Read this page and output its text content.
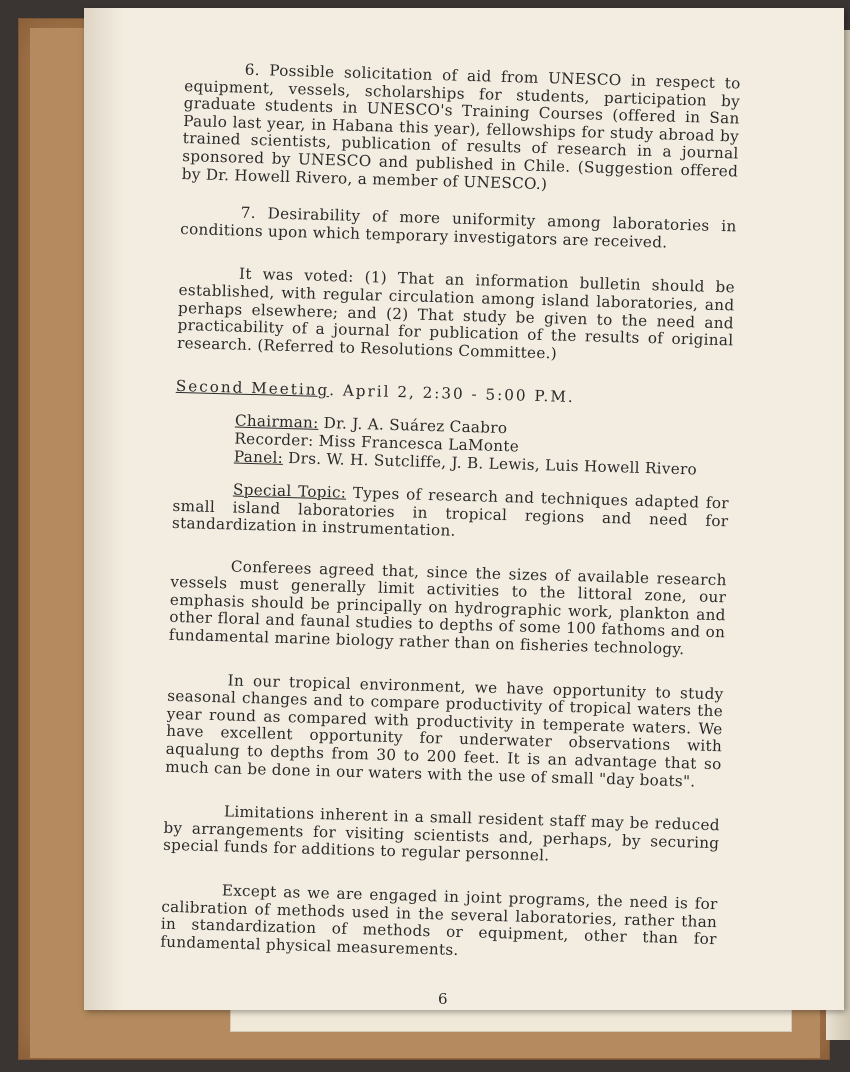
6. Possible solicitation of aid from UNESCO in respect to equipment, vessels, scholarships for students, participation by graduate students in UNESCO's Training Courses (offered in San Paulo last year, in Habana this year), fellowships for study abroad by trained scientists, publication of results of research in a journal sponsored by UNESCO and published in Chile. (Suggestion offered by Dr. Howell Rivero, a member of UNESCO.)

7. Desirability of more uniformity among laboratories in conditions upon which temporary investigators are received.

It was voted: (1) That an information bulletin should be established, with regular circulation among island laboratories, and perhaps elsewhere; and (2) That study be given to the need and practicability of a journal for publication of the results of original research. (Referred to Resolutions Committee.)

Second Meeting. April 2, 2:30 - 5:00 P.M.
Chairman: Dr. J. A. Suárez Caabro
Recorder: Miss Francesca LaMonte
Panel: Drs. W. H. Sutcliffe, J. B. Lewis, Luis Howell Rivero

Special Topic: Types of research and techniques adapted for small island laboratories in tropical regions and need for standardization in instrumentation.

Conferees agreed that, since the sizes of available research vessels must generally limit activities to the littoral zone, our emphasis should be principally on hydrographic work, plankton and other floral and faunal studies to depths of some 100 fathoms and on fundamental marine biology rather than on fisheries technology.

In our tropical environment, we have opportunity to study seasonal changes and to compare productivity of tropical waters the year round as compared with productivity in temperate waters. We have excellent opportunity for underwater observations with aqualung to depths from 30 to 200 feet. It is an advantage that so much can be done in our waters with the use of small "day boats".

Limitations inherent in a small resident staff may be reduced by arrangements for visiting scientists and, perhaps, by securing special funds for additions to regular personnel.

Except as we are engaged in joint programs, the need is for calibration of methods used in the several laboratories, rather than in standardization of methods or equipment, other than for fundamental physical measurements.

6
